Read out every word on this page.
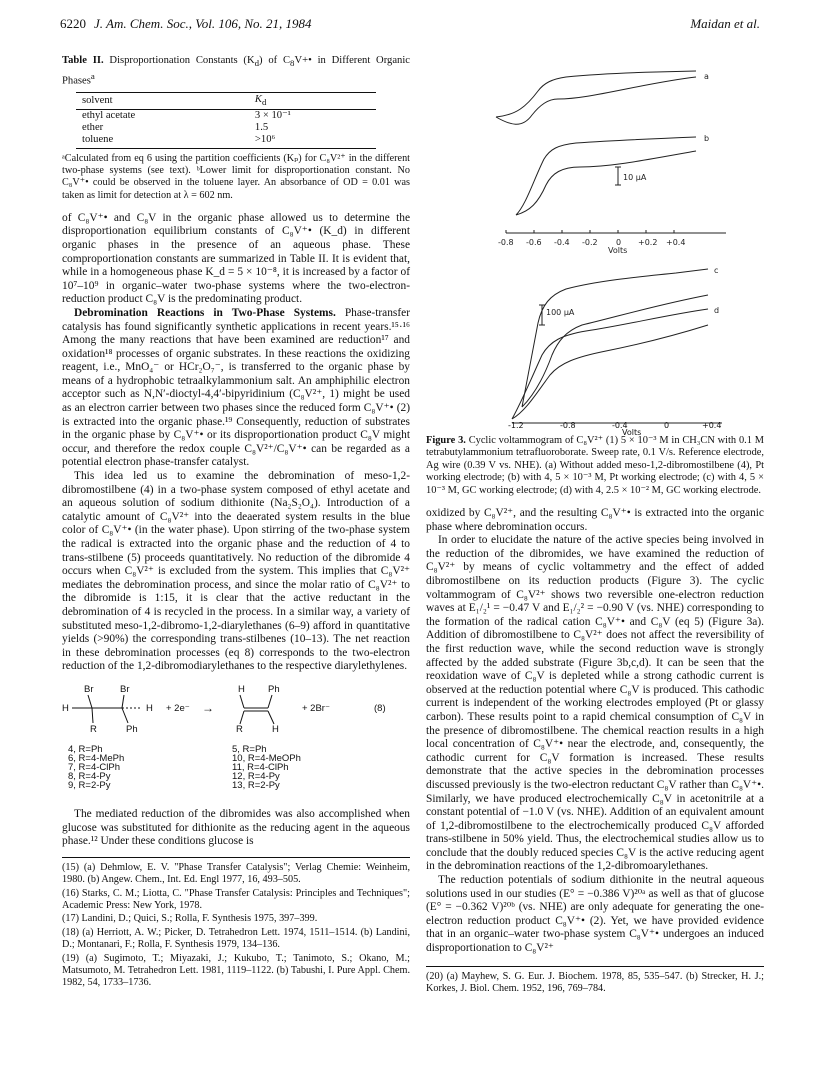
6220 J. Am. Chem. Soc., Vol. 106, No. 21, 1984	Maidan et al.

Table II. Disproportionation Constants $(K_d)$ of $C_8V+•$ in Different Organic Phases$^a$

solvent	$K_d$
ethyl acetate	3 × 10⁻¹
ether	1.5
toluene	>10⁶

ᵃCalculated from eq 6 using the partition coefficients (Kₚ) for C₈V²⁺ in the different two-phase systems (see text). ᵇLower limit for disproportionation constant. No C₈V⁺• could be observed in the toluene layer. An absorbance of OD = 0.01 was taken as limit for detection at λ = 602 nm.

of C₈V⁺• and C₈V in the organic phase allowed us to determine the disproportionation equilibrium constants of C₈V⁺• (K_d) in different organic phases in the presence of an aqueous phase. These comproportionation constants are summarized in Table II. It is evident that, while in a homogeneous phase K_d = 5 × 10⁻⁸, it is increased by a factor of 10⁷–10⁹ in organic–water two-phase systems where the two-electron-reduction product C₈V is the predominating product.

Debromination Reactions in Two-Phase Systems. Phase-transfer catalysis has found significantly synthetic applications in recent years.¹⁵·¹⁶ Among the many reactions that have been examined are reduction¹⁷ and oxidation¹⁸ processes of organic substrates. In these reactions the oxidizing reagent, i.e., MnO₄⁻ or HCr₂O₇⁻, is transferred to the organic phase by means of a hydrophobic tetraalkylammonium salt. An amphiphilic electron acceptor such as N,N′-dioctyl-4,4′-bipyridinium (C₈V²⁺, 1) might be used as an electron carrier between two phases since the reduced form C₈V⁺• (2) is extracted into the organic phase.¹⁹ Consequently, reduction of substrates in the organic phase by C₈V⁺• or its disproportionation product C₈V might occur, and therefore the redox couple C₈V²⁺/C₈V⁺• can be regarded as a potential electron phase-transfer catalyst.

This idea led us to examine the debromination of meso-1,2-dibromostilbene (4) in a two-phase system composed of ethyl acetate and an aqueous solution of sodium dithionite (Na₂S₂O₄). Introduction of a catalytic amount of C₈V²⁺ into the deaerated system results in the blue color of C₈V⁺• (in the water phase). Upon stirring of the two-phase system the radical is extracted into the organic phase and the reduction of 4 to trans-stilbene (5) proceeds quantitatively. No reduction of the dibromide 4 occurs when C₈V²⁺ is excluded from the system. This implies that C₈V²⁺ mediates the debromination process, and since the molar ratio of C₈V²⁺ to the dibromide is 1:15, it is clear that the active reductant in the debromination of 4 is recycled in the process. In a similar way, a variety of substituted meso-1,2-dibromo-1,2-diarylethanes (6–9) afford in quantitative yields (>90%) the corresponding trans-stilbenes (10–13). The net reaction in these debromination processes (eq 8) corresponds to the two-electron reduction of the 1,2-dibromodiarylethanes to the respective diarylethylenes.

Br	Br
H	H
R	Ph
+ 2e⁻ →
H Ph
R	H
+ 2Br⁻	(8)
4, R=Ph
6, R=4-MePh
7, R=4-ClPh
8, R=4-Py
9, R=2-Py
5, R=Ph
10, R=4-MeOPh
11, R=4-ClPh
12, R=4-Py
13, R=2-Py

The mediated reduction of the dibromides was also accomplished when glucose was substituted for dithionite as the reducing agent in the aqueous phase.¹² Under these conditions glucose is

(15) (a) Dehmlow, E. V. "Phase Transfer Catalysis"; Verlag Chemie: Weinheim, 1980. (b) Angew. Chem., Int. Ed. Engl 1977, 16, 493–505.

(16) Starks, C. M.; Liotta, C. "Phase Transfer Catalysis: Principles and Techniques"; Academic Press: New York, 1978.

(17) Landini, D.; Quici, S.; Rolla, F. Synthesis 1975, 397–399.

(18) (a) Herriott, A. W.; Picker, D. Tetrahedron Lett. 1974, 1511–1514. (b) Landini, D.; Montanari, F.; Rolla, F. Synthesis 1979, 134–136.

(19) (a) Sugimoto, T.; Miyazaki, J.; Kukubo, T.; Tanimoto, S.; Okano, M.; Matsumoto, M. Tetrahedron Lett. 1981, 1119–1122. (b) Tabushi, I. Pure Appl. Chem. 1982, 54, 1733–1736.

a
b
10 μA
-0.8 -0.6 -0.4 -0.2 0 +0.2 +0.4
Volts
c
d
100 μA
-1.2	-0.8	-0.4	0	+0.4
Volts

Figure 3. Cyclic voltammogram of C₈V²⁺ (1) 5 × 10⁻³ M in CH₃CN with 0.1 M tetrabutylammonium tetrafluoroborate. Sweep rate, 0.1 V/s. Reference electrode, Ag wire (0.39 V vs. NHE). (a) Without added meso-1,2-dibromostilbene (4), Pt working electrode; (b) with 4, 5 × 10⁻³ M, Pt working electrode; (c) with 4, 5 × 10⁻³ M, GC working electrode; (d) with 4, 2.5 × 10⁻² M, GC working electrode.

oxidized by C₈V²⁺, and the resulting C₈V⁺• is extracted into the organic phase where debromination occurs.

In order to elucidate the nature of the active species being involved in the reduction of the dibromides, we have examined the reduction of C₈V²⁺ by means of cyclic voltammetry and the effect of added dibromostilbene on its reduction products (Figure 3). The cyclic voltammogram of C₈V²⁺ shows two reversible one-electron reduction waves at E₁/₂¹ = −0.47 V and E₁/₂² = −0.90 V (vs. NHE) corresponding to the formation of the radical cation C₈V⁺• and C₈V (eq 5) (Figure 3a). Addition of dibromostilbene to C₈V²⁺ does not affect the reversibility of the first reduction wave, while the second reduction wave is strongly affected by the added substrate (Figure 3b,c,d). It can be seen that the reoxidation wave of C₈V is depleted while a strong cathodic current is observed at the reduction potential where C₈V is produced. This cathodic current is independent of the working electrodes employed (Pt or glassy carbon). These results point to a rapid chemical consumption of C₈V in the presence of dibromostilbene. The chemical reaction results in a high local concentration of C₈V⁺• near the electrode, and, consequently, the cathodic current for C₈V formation is increased. These results demonstrate that the active species in the debromination processes discussed previously is the two-electron reductant C₈V rather than C₈V⁺•. Similarly, we have produced electrochemically C₈V in acetonitrile at a constant potential of −1.0 V (vs. NHE). Addition of an equivalent amount of 1,2-dibromostilbene to the electrochemically produced C₈V afforded trans-stilbene in 50% yield. Thus, the electrochemical studies allow us to conclude that the doubly reduced species C₈V is the active reducing agent in the debromination reactions of the 1,2-dibromoarylethanes.

The reduction potentials of sodium dithionite in the neutral aqueous solutions used in our studies (E° = −0.386 V)²⁰ᵃ as well as that of glucose (E° = −0.362 V)²⁰ᵇ (vs. NHE) are only adequate for generating the one-electron reduction product C₈V⁺• (2). Yet, we have provided evidence that in an organic–water two-phase system C₈V⁺• undergoes an induced disproportionation to C₈V²⁺

(20) (a) Mayhew, S. G. Eur. J. Biochem. 1978, 85, 535–547. (b) Strecker, H. J.; Korkes, J. Biol. Chem. 1952, 196, 769–784.
